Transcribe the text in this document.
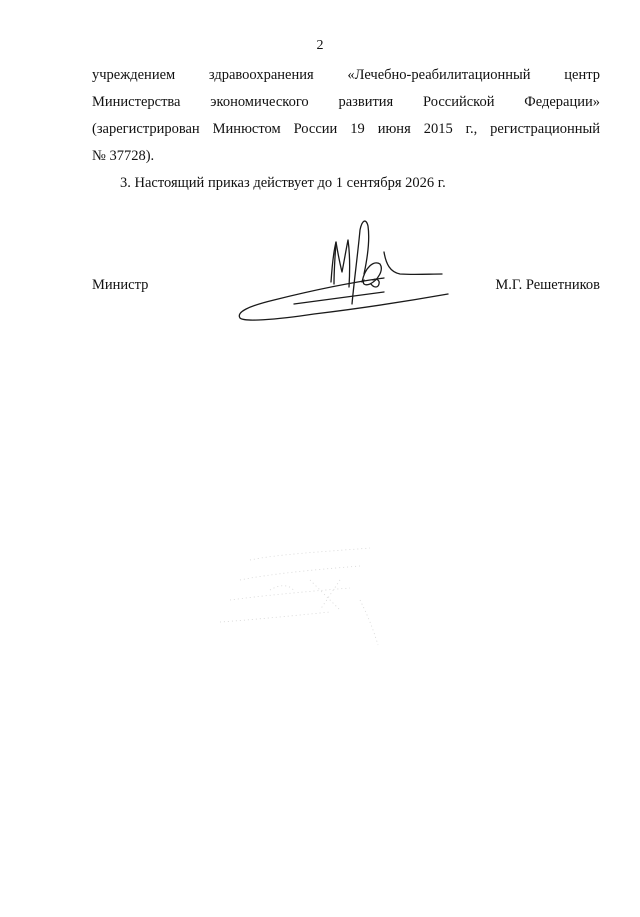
2
учреждением здравоохранения «Лечебно-реабилитационный центр
Министерства экономического развития Российской Федерации»
(зарегистрирован Минюстом России 19 июня 2015 г., регистрационный
№ 37728).
3. Настоящий приказ действует до 1 сентября 2026 г.
Министр	М.Г. Решетников
